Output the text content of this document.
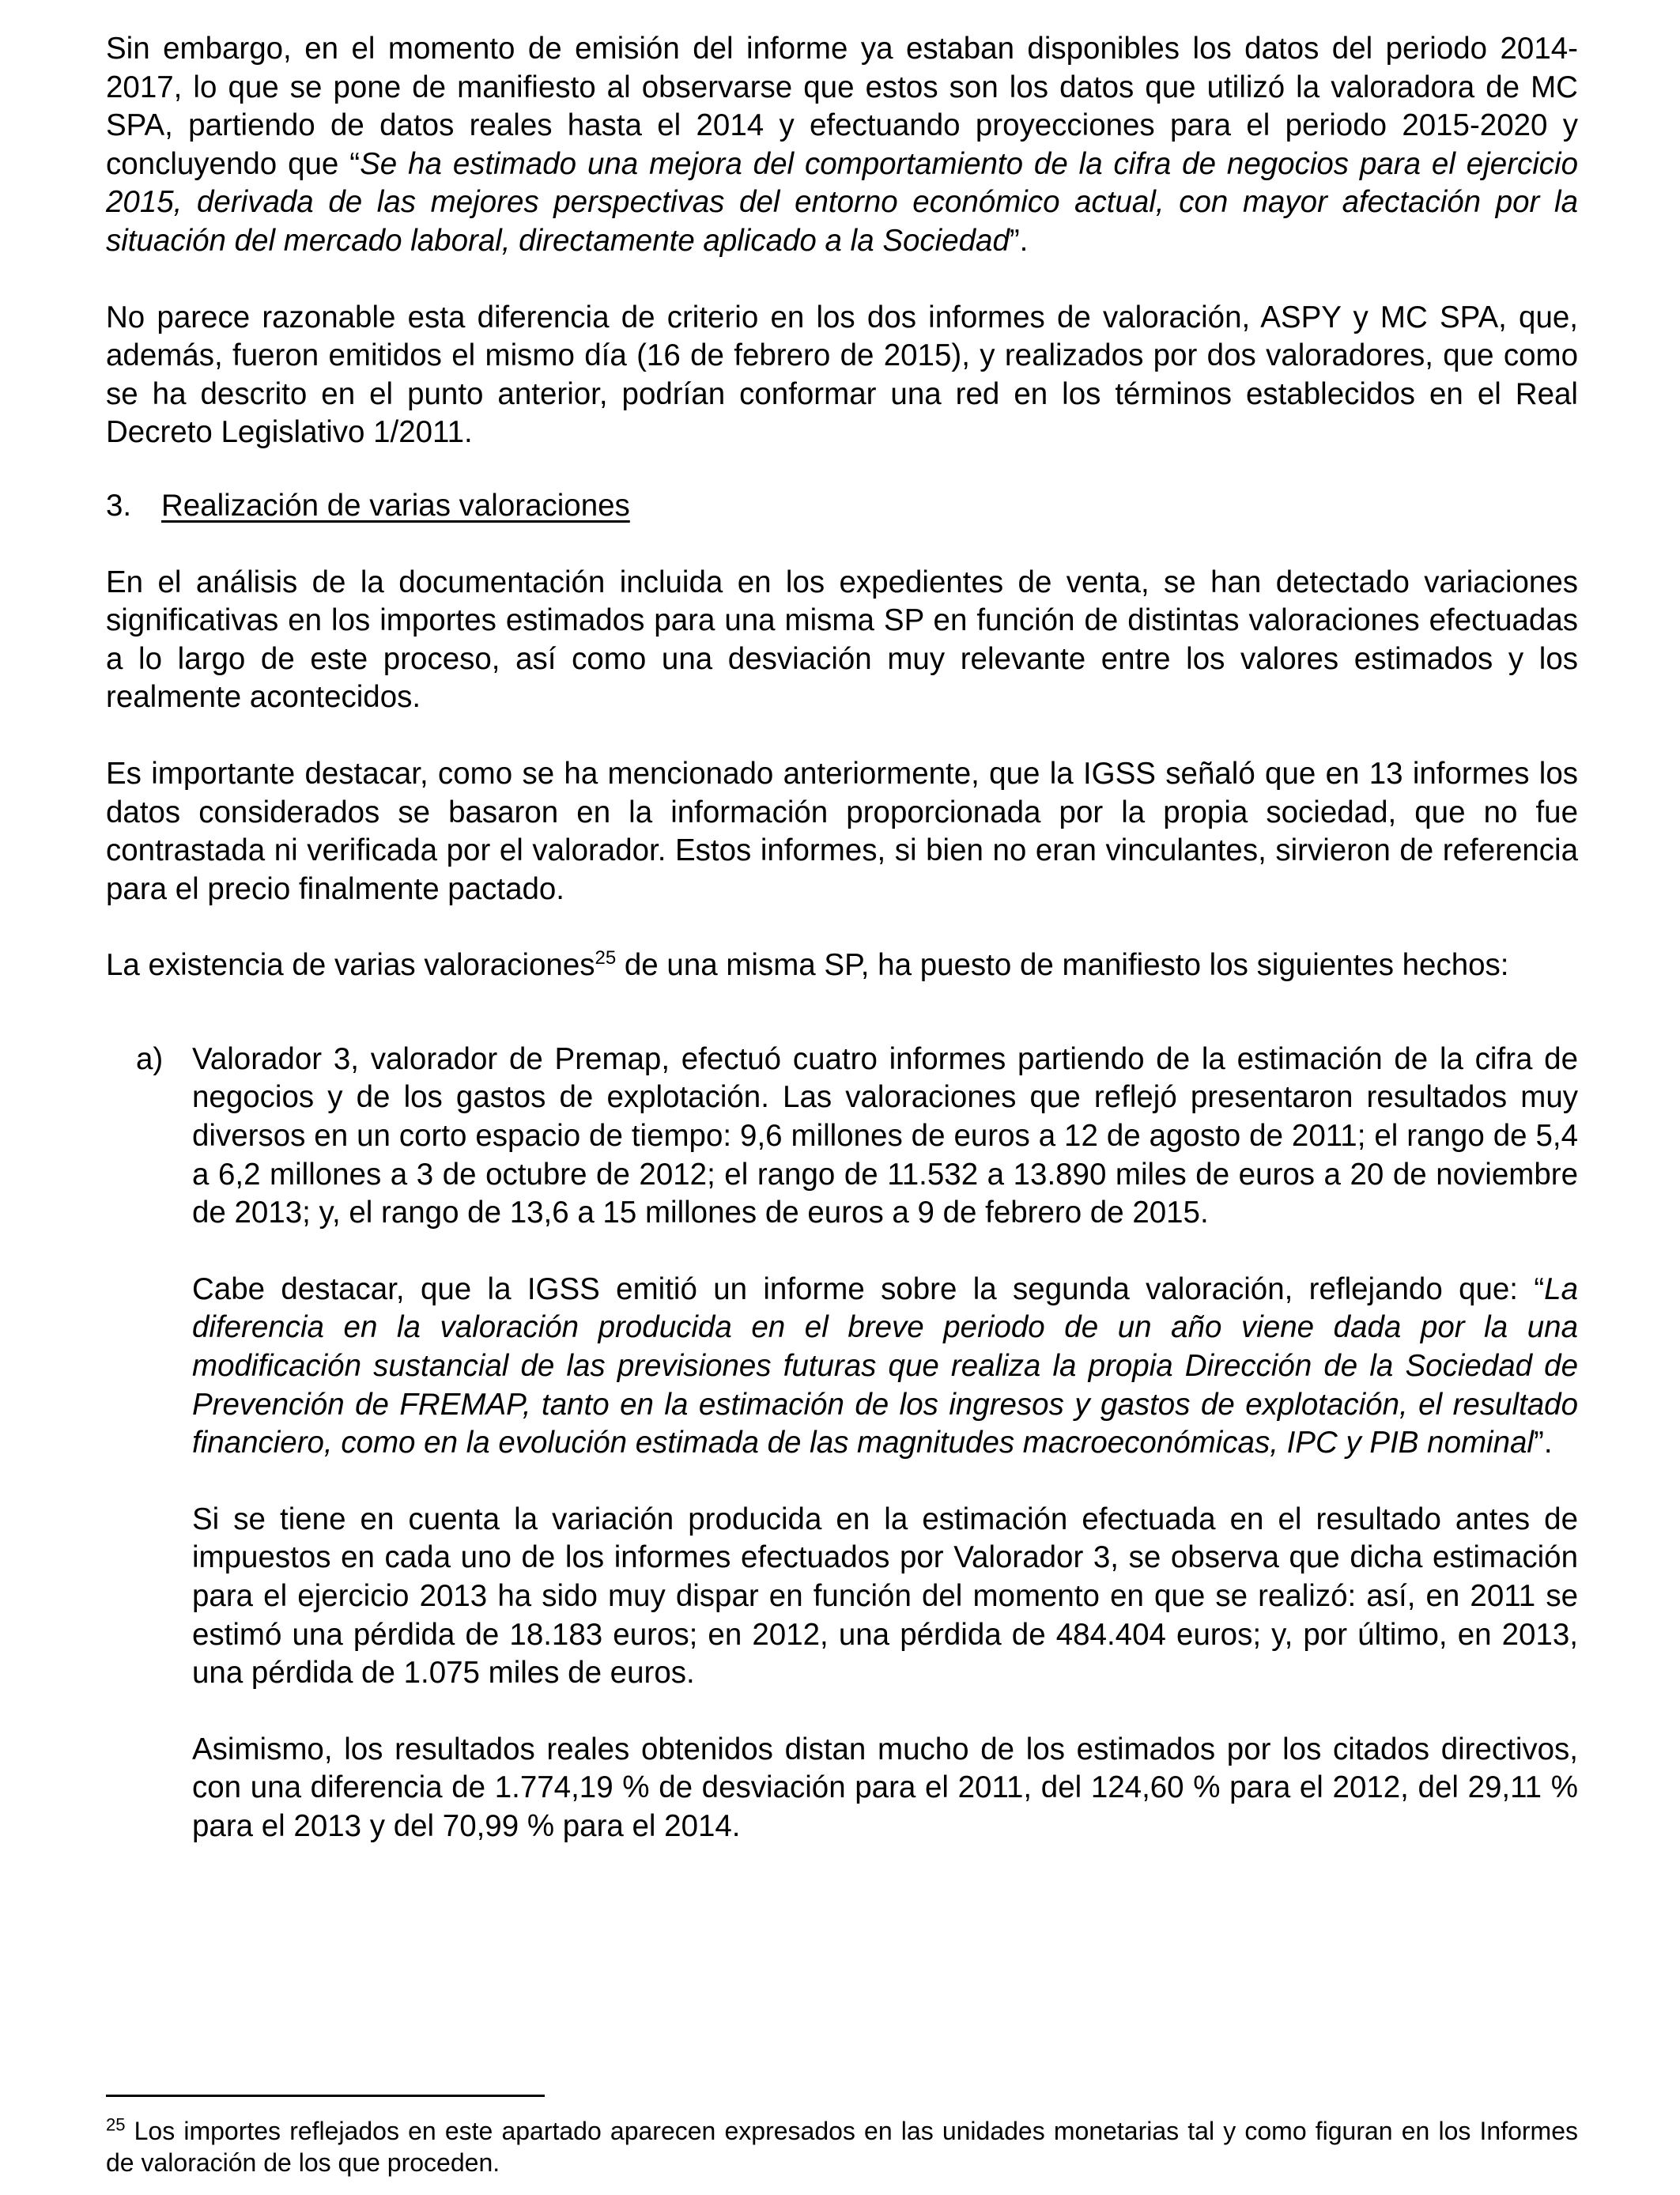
Sin embargo, en el momento de emisión del informe ya estaban disponibles los datos del periodo 2014-2017, lo que se pone de manifiesto al observarse que estos son los datos que utilizó la valoradora de MC SPA, partiendo de datos reales hasta el 2014 y efectuando proyecciones para el periodo 2015-2020 y concluyendo que “Se ha estimado una mejora del comportamiento de la cifra de negocios para el ejercicio 2015, derivada de las mejores perspectivas del entorno económico actual, con mayor afectación por la situación del mercado laboral, directamente aplicado a la Sociedad”.

No parece razonable esta diferencia de criterio en los dos informes de valoración, ASPY y MC SPA, que, además, fueron emitidos el mismo día (16 de febrero de 2015), y realizados por dos valoradores, que como se ha descrito en el punto anterior, podrían conformar una red en los términos establecidos en el Real Decreto Legislativo 1/2011.

3. Realización de varias valoraciones

En el análisis de la documentación incluida en los expedientes de venta, se han detectado variaciones significativas en los importes estimados para una misma SP en función de distintas valoraciones efectuadas a lo largo de este proceso, así como una desviación muy relevante entre los valores estimados y los realmente acontecidos.

Es importante destacar, como se ha mencionado anteriormente, que la IGSS señaló que en 13 informes los datos considerados se basaron en la información proporcionada por la propia sociedad, que no fue contrastada ni verificada por el valorador. Estos informes, si bien no eran vinculantes, sirvieron de referencia para el precio finalmente pactado.

La existencia de varias valoraciones$^{25}$ de una misma SP, ha puesto de manifiesto los siguientes hechos:

a) Valorador 3, valorador de Premap, efectuó cuatro informes partiendo de la estimación de la cifra de negocios y de los gastos de explotación. Las valoraciones que reflejó presentaron resultados muy diversos en un corto espacio de tiempo: 9,6 millones de euros a 12 de agosto de 2011; el rango de 5,4 a 6,2 millones a 3 de octubre de 2012; el rango de 11.532 a 13.890 miles de euros a 20 de noviembre de 2013; y, el rango de 13,6 a 15 millones de euros a 9 de febrero de 2015.

Cabe destacar, que la IGSS emitió un informe sobre la segunda valoración, reflejando que: “La diferencia en la valoración producida en el breve periodo de un año viene dada por la una modificación sustancial de las previsiones futuras que realiza la propia Dirección de la Sociedad de Prevención de FREMAP, tanto en la estimación de los ingresos y gastos de explotación, el resultado financiero, como en la evolución estimada de las magnitudes macroeconómicas, IPC y PIB nominal”.

Si se tiene en cuenta la variación producida en la estimación efectuada en el resultado antes de impuestos en cada uno de los informes efectuados por Valorador 3, se observa que dicha estimación para el ejercicio 2013 ha sido muy dispar en función del momento en que se realizó: así, en 2011 se estimó una pérdida de 18.183 euros; en 2012, una pérdida de 484.404 euros; y, por último, en 2013, una pérdida de 1.075 miles de euros.

Asimismo, los resultados reales obtenidos distan mucho de los estimados por los citados directivos, con una diferencia de 1.774,19 % de desviación para el 2011, del 124,60 % para el 2012, del 29,11 % para el 2013 y del 70,99 % para el 2014.

$^{25}$ Los importes reflejados en este apartado aparecen expresados en las unidades monetarias tal y como figuran en los Informes de valoración de los que proceden.
